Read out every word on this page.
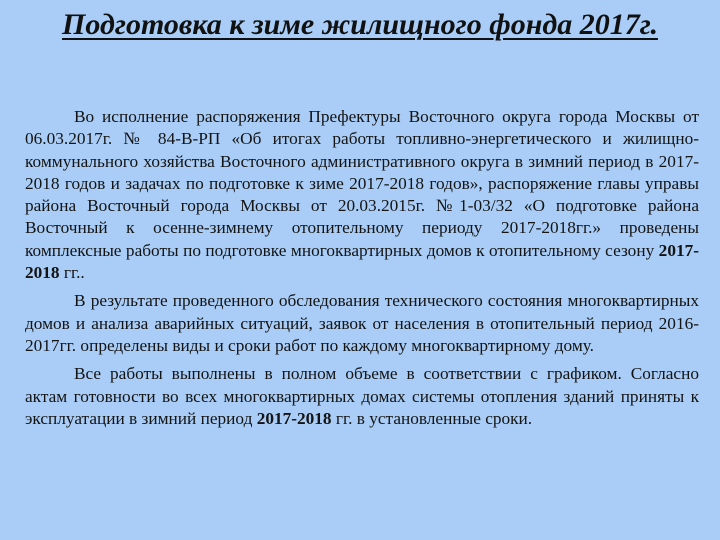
Подготовка к зиме жилищного фонда 2017г.

Во исполнение распоряжения Префектуры Восточного округа города Москвы от 06.03.2017г. № 84-В-РП «Об итогах работы топливно-энергетического и жилищно-коммунального хозяйства Восточного административного округа в зимний период в 2017-2018 годов и задачах по подготовке к зиме 2017-2018 годов», распоряжение главы управы района Восточный города Москвы от 20.03.2015г. №1-03/32 «О подготовке района Восточный к осенне-зимнему отопительному периоду 2017-2018гг.» проведены комплексные работы по подготовке многоквартирных домов к отопительному сезону 2017-2018 гг..

В результате проведенного обследования технического состояния многоквартирных домов и анализа аварийных ситуаций, заявок от населения в отопительный период 2016-2017гг. определены виды и сроки работ по каждому многоквартирному дому.

Все работы выполнены в полном объеме в соответствии с графиком. Согласно актам готовности во всех многоквартирных домах системы отопления зданий приняты к эксплуатации в зимний период 2017-2018 гг. в установленные сроки.
